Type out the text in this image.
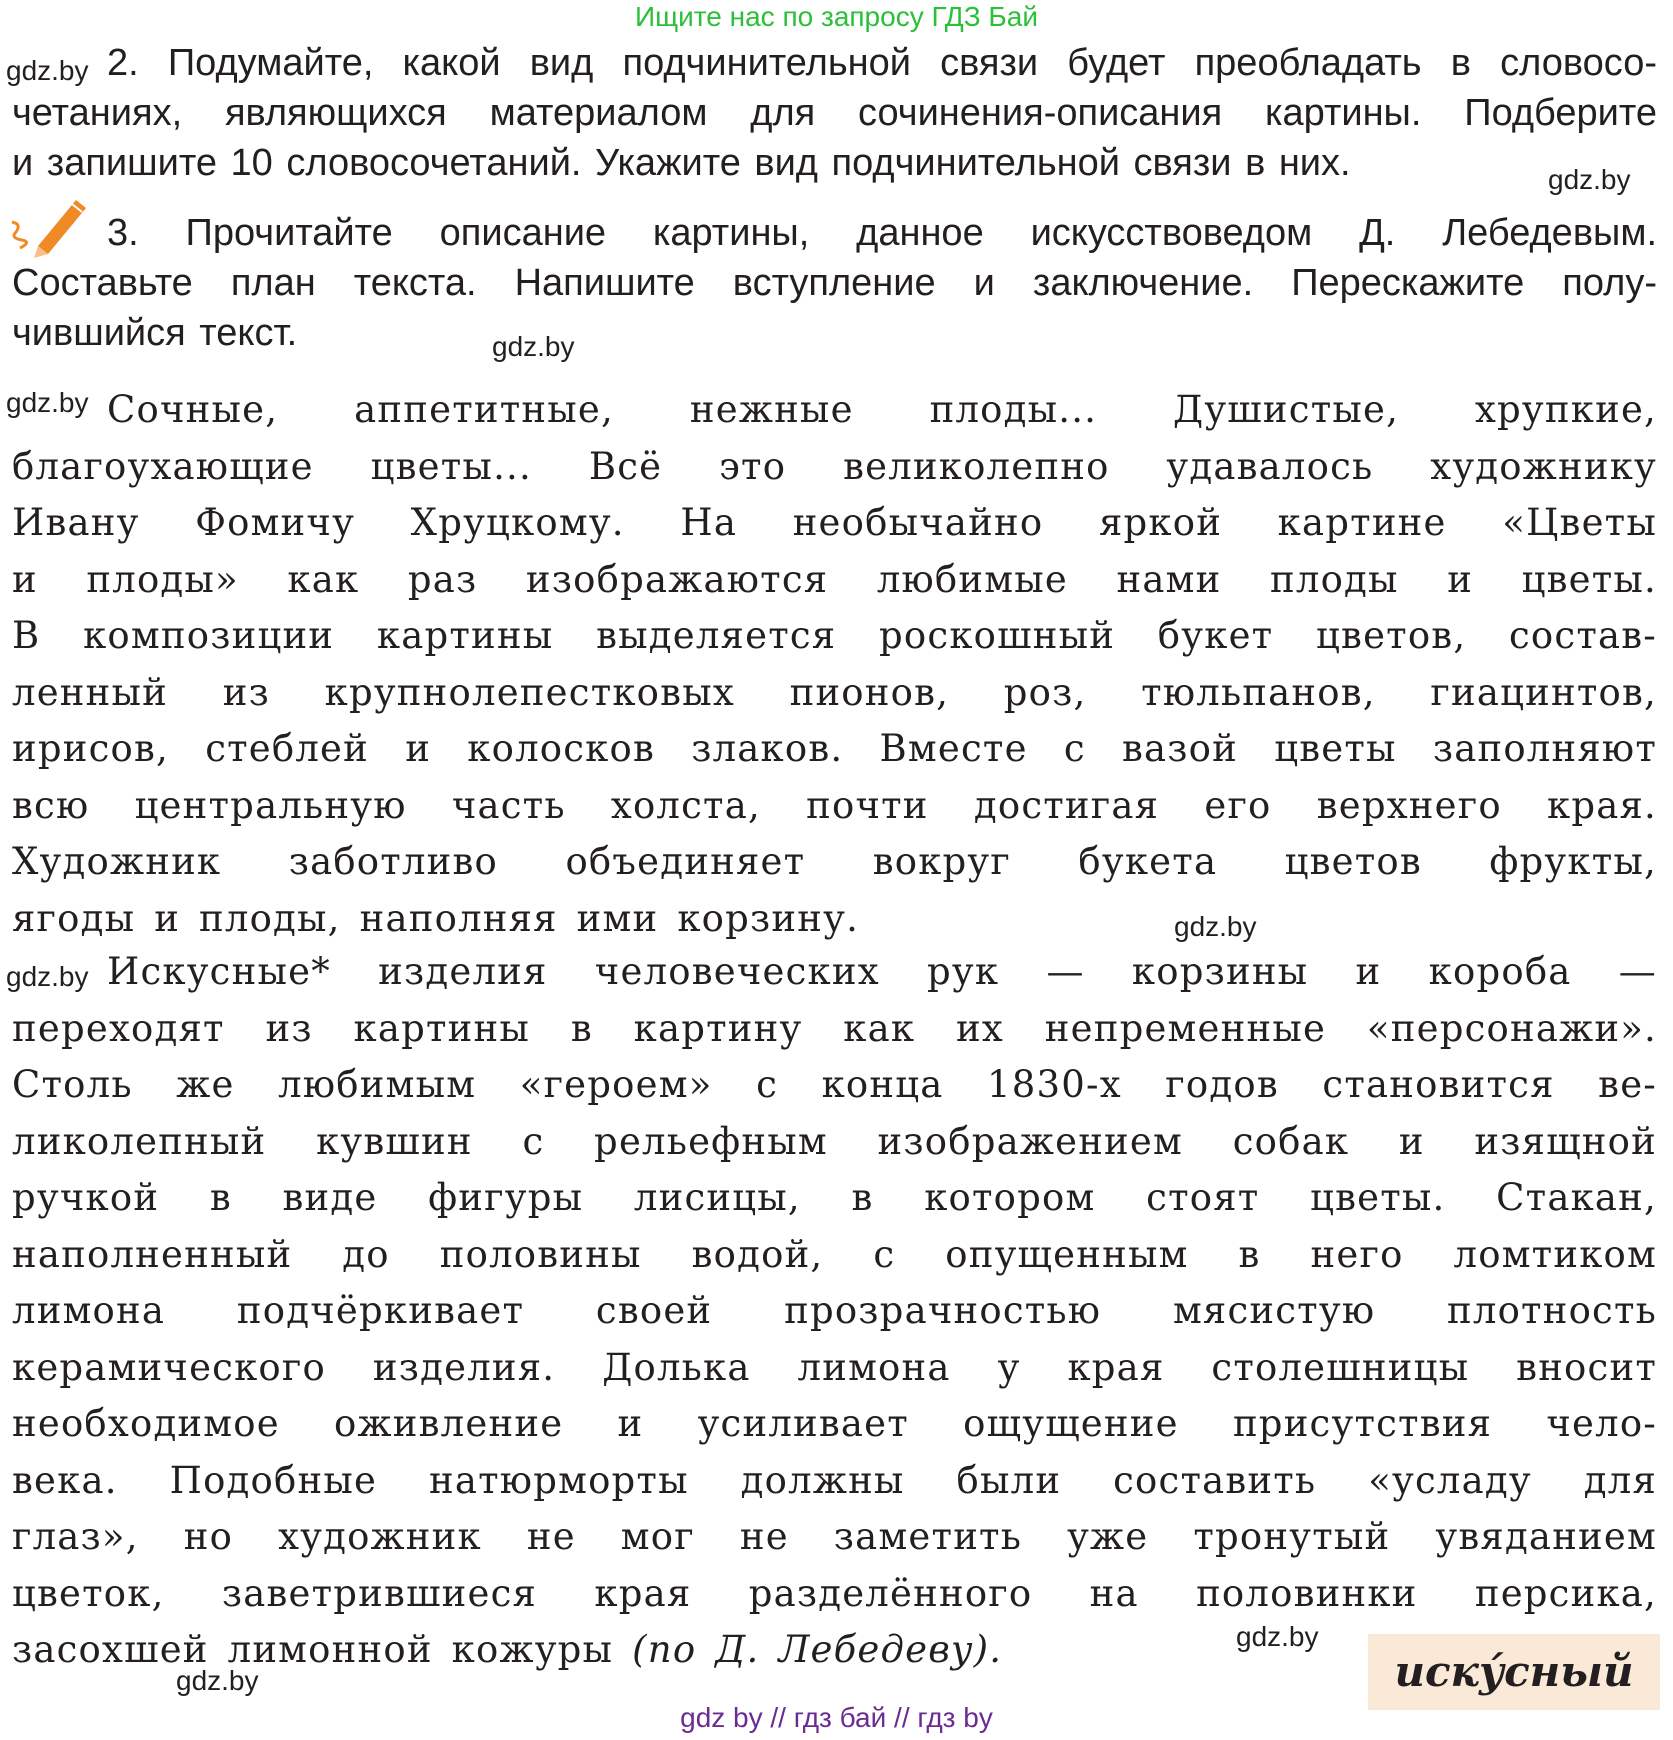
Ищите нас по запросу ГДЗ Бай
gdz.by 2. Подумайте, какой вид подчинительной связи будет преобладать в словосо-
четаниях, являющихся материалом для сочинения-описания картины. Подберите
и запишите 10 словосочетаний. Укажите вид подчинительной связи в них.	gdz.by
3. Прочитайте описание картины, данное искусствоведом Д. Лебедевым.
Составьте план текста. Напишите вступление и заключение. Перескажите полу-
чившийся текст.	gdz.by
gdz.by Сочные, аппетитные, нежные плоды... Душистые, хрупкие,
благоухающие цветы... Всё это великолепно удавалось художнику
Ивану Фомичу Хруцкому. На необычайно яркой картине «Цветы
и плоды» как раз изображаются любимые нами плоды и цветы.
В композиции картины выделяется роскошный букет цветов, состав-
ленный из крупнолепестковых пионов, роз, тюльпанов, гиацинтов,
ирисов, стеблей и колосков злаков. Вместе с вазой цветы заполняют
всю центральную часть холста, почти достигая его верхнего края.
Художник заботливо объединяет вокруг букета цветов фрукты,
ягоды и плоды, наполняя ими корзину.	gdz.by
gdz.by Искусные* изделия человеческих рук — корзины и короба —
переходят из картины в картину как их непременные «персонажи».
Столь же любимым «героем» с конца 1830-х годов становится ве-
ликолепный кувшин с рельефным изображением собак и изящной
ручкой в виде фигуры лисицы, в котором стоят цветы. Стакан,
наполненный до половины водой, с опущенным в него ломтиком
лимона подчёркивает своей прозрачностью мясистую плотность
керамического изделия. Долька лимона у края столешницы вносит
необходимое оживление и усиливает ощущение присутствия чело-
века. Подобные натюрморты должны были составить «усладу для
глаз», но художник не мог не заметить уже тронутый увяданием
цветок, заветрившиеся края разделённого на половинки персика,
засохшей лимонной кожуры (по Д. Лебедеву).	gdz.by
gdz.by	иску́сный
gdz by // гдз бай // гдз by
